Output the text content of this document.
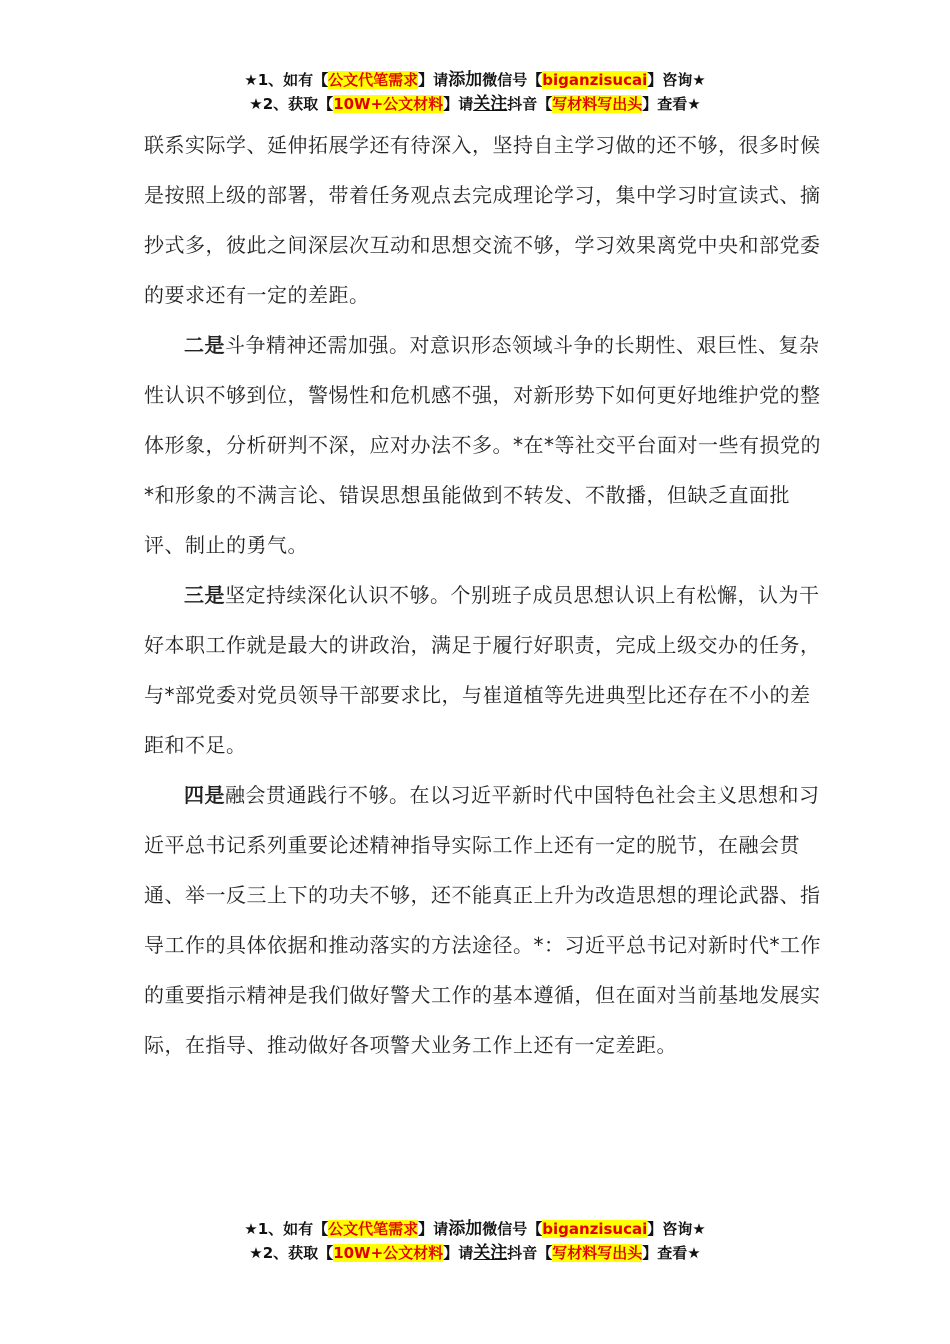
★1、如有【公文代笔需求】请添加微信号【biganzisucai】咨询★
★2、获取【10W+公文材料】请关注抖音【写材料写出头】查看★

联系实际学、延伸拓展学还有待深入，坚持自主学习做的还不够，很多时候是按照上级的部署，带着任务观点去完成理论学习，集中学习时宣读式、摘抄式多，彼此之间深层次互动和思想交流不够，学习效果离党中央和部党委的要求还有一定的差距。

二是斗争精神还需加强。对意识形态领域斗争的长期性、艰巨性、复杂性认识不够到位，警惕性和危机感不强，对新形势下如何更好地维护党的整体形象，分析研判不深，应对办法不多。*在*等社交平台面对一些有损党的*和形象的不满言论、错误思想虽能做到不转发、不散播，但缺乏直面批评、制止的勇气。

三是坚定持续深化认识不够。个别班子成员思想认识上有松懈，认为干好本职工作就是最大的讲政治，满足于履行好职责，完成上级交办的任务，与*部党委对党员领导干部要求比，与崔道植等先进典型比还存在不小的差距和不足。

四是融会贯通践行不够。在以习近平新时代中国特色社会主义思想和习近平总书记系列重要论述精神指导实际工作上还有一定的脱节，在融会贯通、举一反三上下的功夫不够，还不能真正上升为改造思想的理论武器、指导工作的具体依据和推动落实的方法途径。*：习近平总书记对新时代*工作的重要指示精神是我们做好警犬工作的基本遵循，但在面对当前基地发展实际，在指导、推动做好各项警犬业务工作上还有一定差距。

★1、如有【公文代笔需求】请添加微信号【biganzisucai】咨询★
★2、获取【10W+公文材料】请关注抖音【写材料写出头】查看★
